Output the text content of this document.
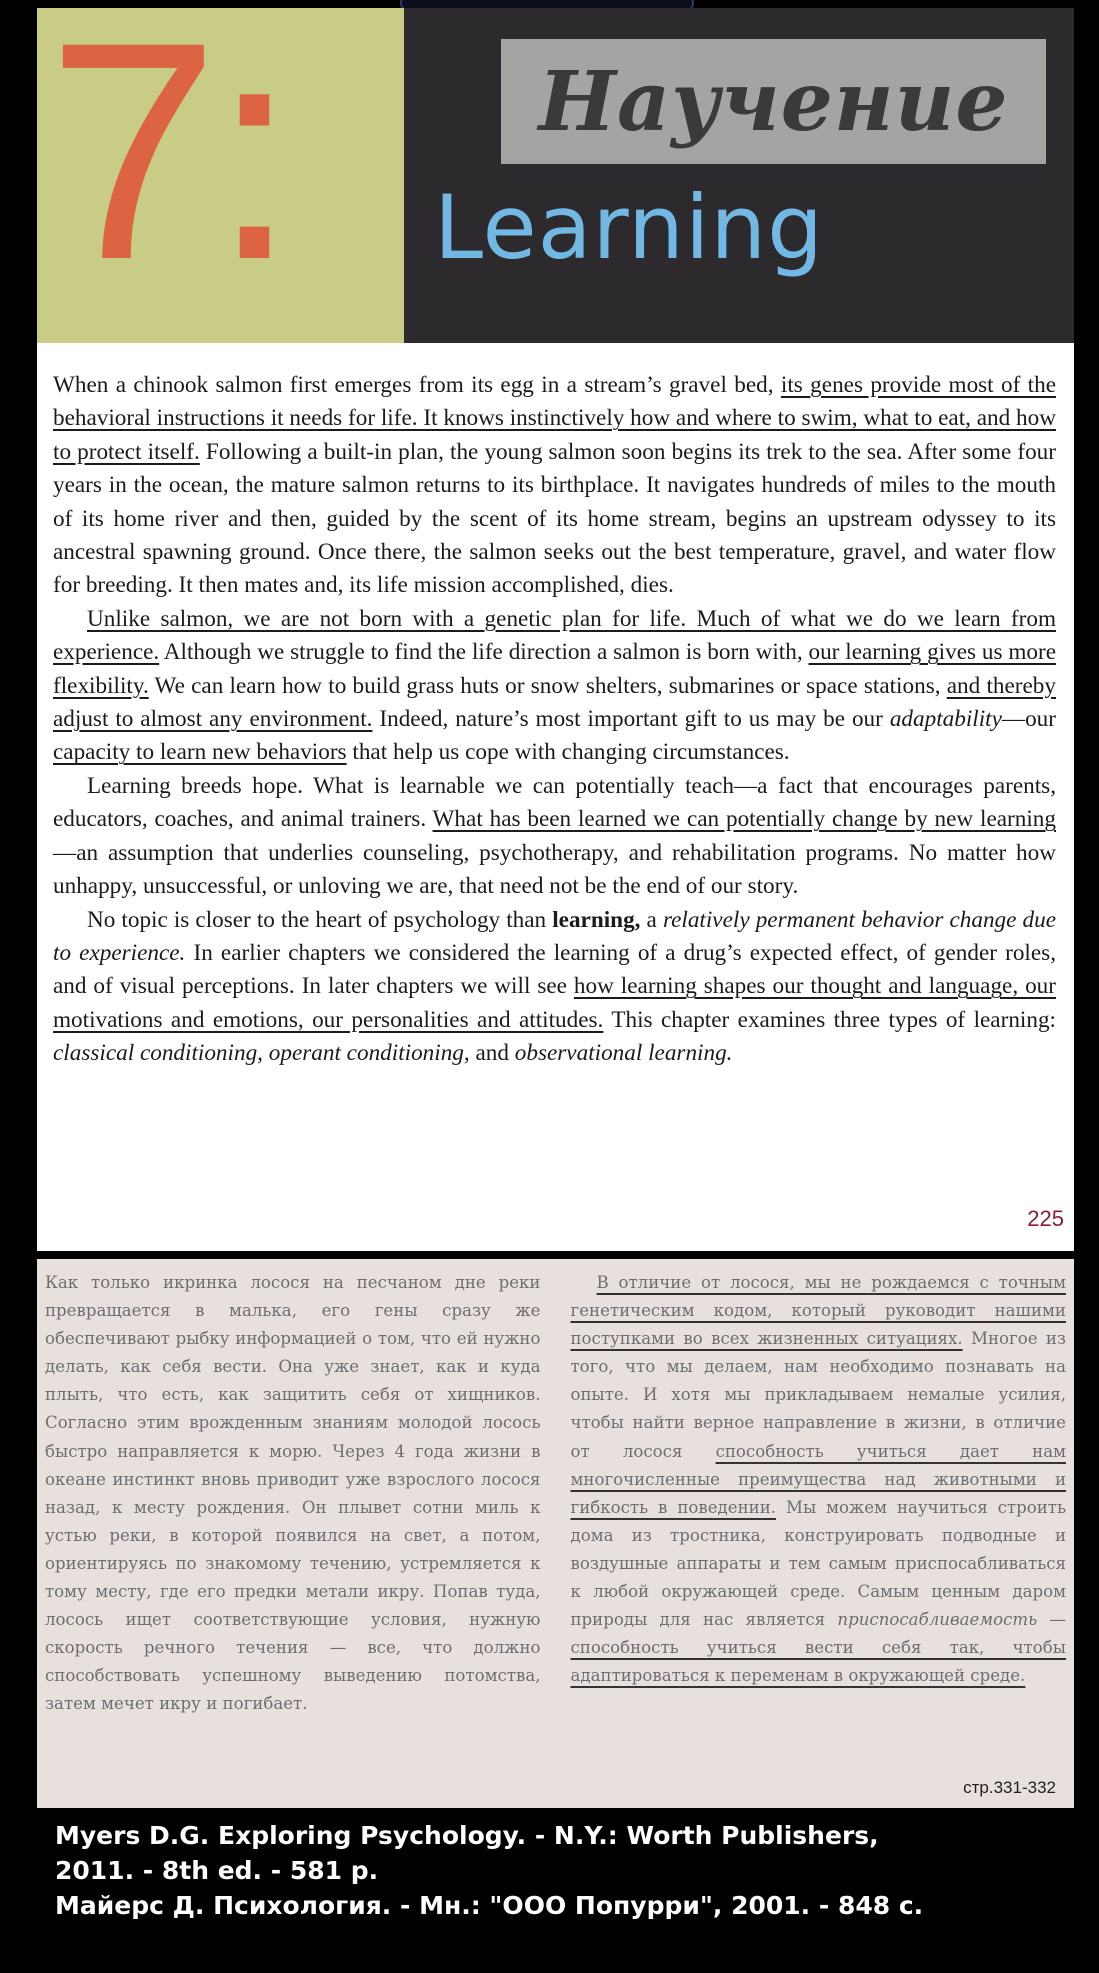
7:	Научение
Learning

When a chinook salmon first emerges from its egg in a stream’s gravel bed, its genes provide most of the behavioral instructions it needs for life. It knows instinctively how and where to swim, what to eat, and how to protect itself. Following a built-in plan, the young salmon soon begins its trek to the sea. After some four years in the ocean, the mature salmon returns to its birthplace. It navigates hundreds of miles to the mouth of its home river and then, guided by the scent of its home stream, begins an upstream odyssey to its ancestral spawning ground. Once there, the salmon seeks out the best temperature, gravel, and water flow for breeding. It then mates and, its life mission accomplished, dies.

Unlike salmon, we are not born with a genetic plan for life. Much of what we do we learn from experience. Although we struggle to find the life direction a salmon is born with, our learning gives us more flexibility. We can learn how to build grass huts or snow shelters, submarines or space stations, and thereby adjust to almost any environment. Indeed, nature’s most important gift to us may be our adaptability—our capacity to learn new behaviors that help us cope with changing circumstances.

Learning breeds hope. What is learnable we can potentially teach—a fact that encourages parents, educators, coaches, and animal trainers. What has been learned we can potentially change by new learning—an assumption that underlies counseling, psychotherapy, and rehabilitation programs. No matter how unhappy, unsuccessful, or unloving we are, that need not be the end of our story.

No topic is closer to the heart of psychology than learning, a relatively permanent behavior change due to experience. In earlier chapters we considered the learning of a drug’s expected effect, of gender roles, and of visual perceptions. In later chapters we will see how learning shapes our thought and language, our motivations and emotions, our personalities and attitudes. This chapter examines three types of learning: classical conditioning, operant conditioning, and observational learning.

225

Как только икринка лосося на песчаном дне реки превращается в малька, его гены сразу же обеспечивают рыбку информацией о том, что ей нужно делать, как себя вести. Она уже знает, как и куда плыть, что есть, как защитить себя от хищников. Согласно этим врожденным знаниям молодой лосось быстро направляется к морю. Через 4 года жизни в океане инстинкт вновь приводит уже взрослого лосося назад, к месту рождения. Он плывет сотни миль к устью реки, в которой появился на свет, а потом, ориентируясь по знакомому течению, устремляется к тому месту, где его предки метали икру. Попав туда, лосось ищет соответствующие условия, нужную скорость речного течения — все, что должно способствовать успешному выведению потомства, затем мечет икру и погибает.

В отличие от лосося, мы не рождаемся с точным генетическим кодом, который руководит нашими поступками во всех жизненных ситуациях. Многое из того, что мы делаем, нам необходимо познавать на опыте. И хотя мы прикладываем немалые усилия, чтобы найти верное направление в жизни, в отличие от лосося способность учиться дает нам многочисленные преимущества над животными и гибкость в поведении. Мы можем научиться строить дома из тростника, конструировать подводные и воздушные аппараты и тем самым приспосабливаться к любой окружающей среде. Самым ценным даром природы для нас является приспосабливаемость — способность учиться вести себя так, чтобы адаптироваться к переменам в окружающей среде.

стр.331-332
Myers D.G. Exploring Psychology. - N.Y.: Worth Publishers,
2011. - 8th ed. - 581 p.
Майерс Д. Психология. - Мн.: "ООО Попурри", 2001. - 848 с.
